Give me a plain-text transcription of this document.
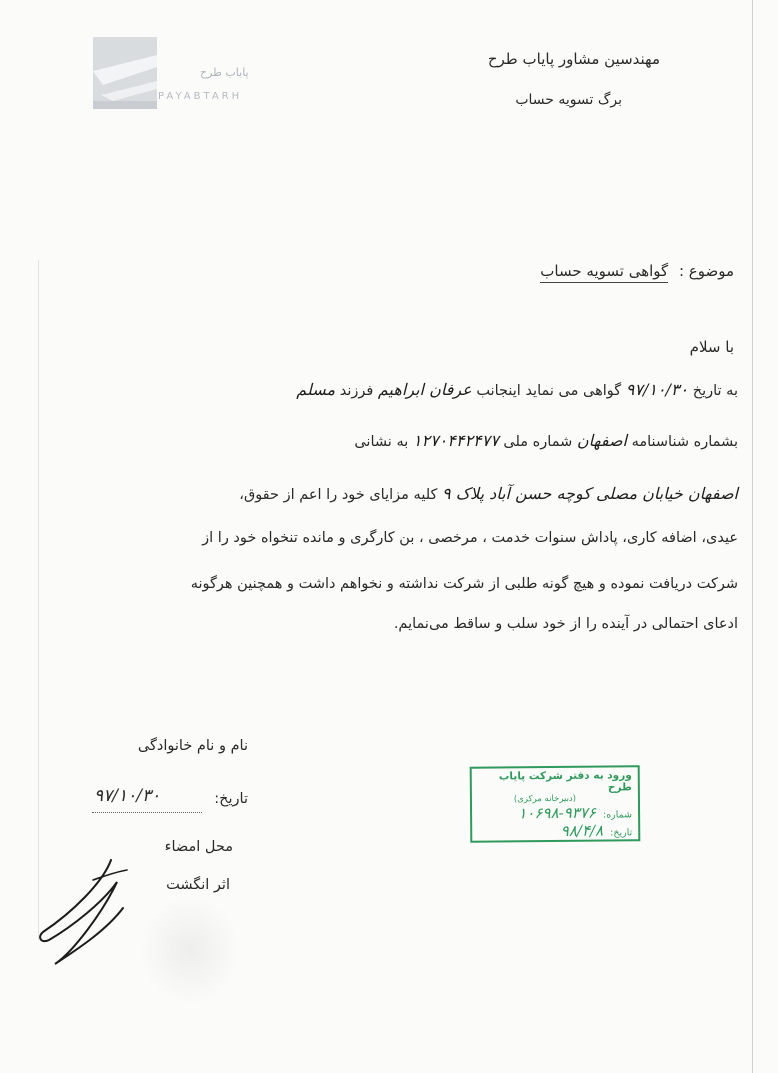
پایاب طرح
PAYABTARH
مهندسین مشاور پایاب طرح
برگ تسویه حساب
موضوع : گواهی تسویه حساب
با سلام
به تاریخ ۹۷/۱۰/۳۰ گواهی می نماید اینجانب عرفان ابراهیم فرزند مسلم
بشماره شناسنامه اصفهان شماره ملی ۱۲۷۰۴۴۲۴۷۷ به نشانی
اصفهان خیابان مصلی کوچه حسن آباد پلاک ۹ کلیه مزایای خود را اعم از حقوق،
عیدی، اضافه کاری، پاداش سنوات خدمت ، مرخصی ، بن کارگری و مانده تنخواه خود را از
شرکت دریافت نموده و هیچ گونه طلبی از شرکت نداشته و نخواهم داشت و همچنین هرگونه
ادعای احتمالی در آینده را از خود سلب و ساقط می‌نمایم.
ورود به دفتر شرکت پایاب طرح
(دبیرخانه مرکزی)
شماره: ۹۳۷۶-۱۰۶۹۸
تاریخ: ۹۸/۴/۸
نام و نام خانوادگی
تاریخ:
۹۷/۱۰/۳۰
محل امضاء
اثر انگشت
